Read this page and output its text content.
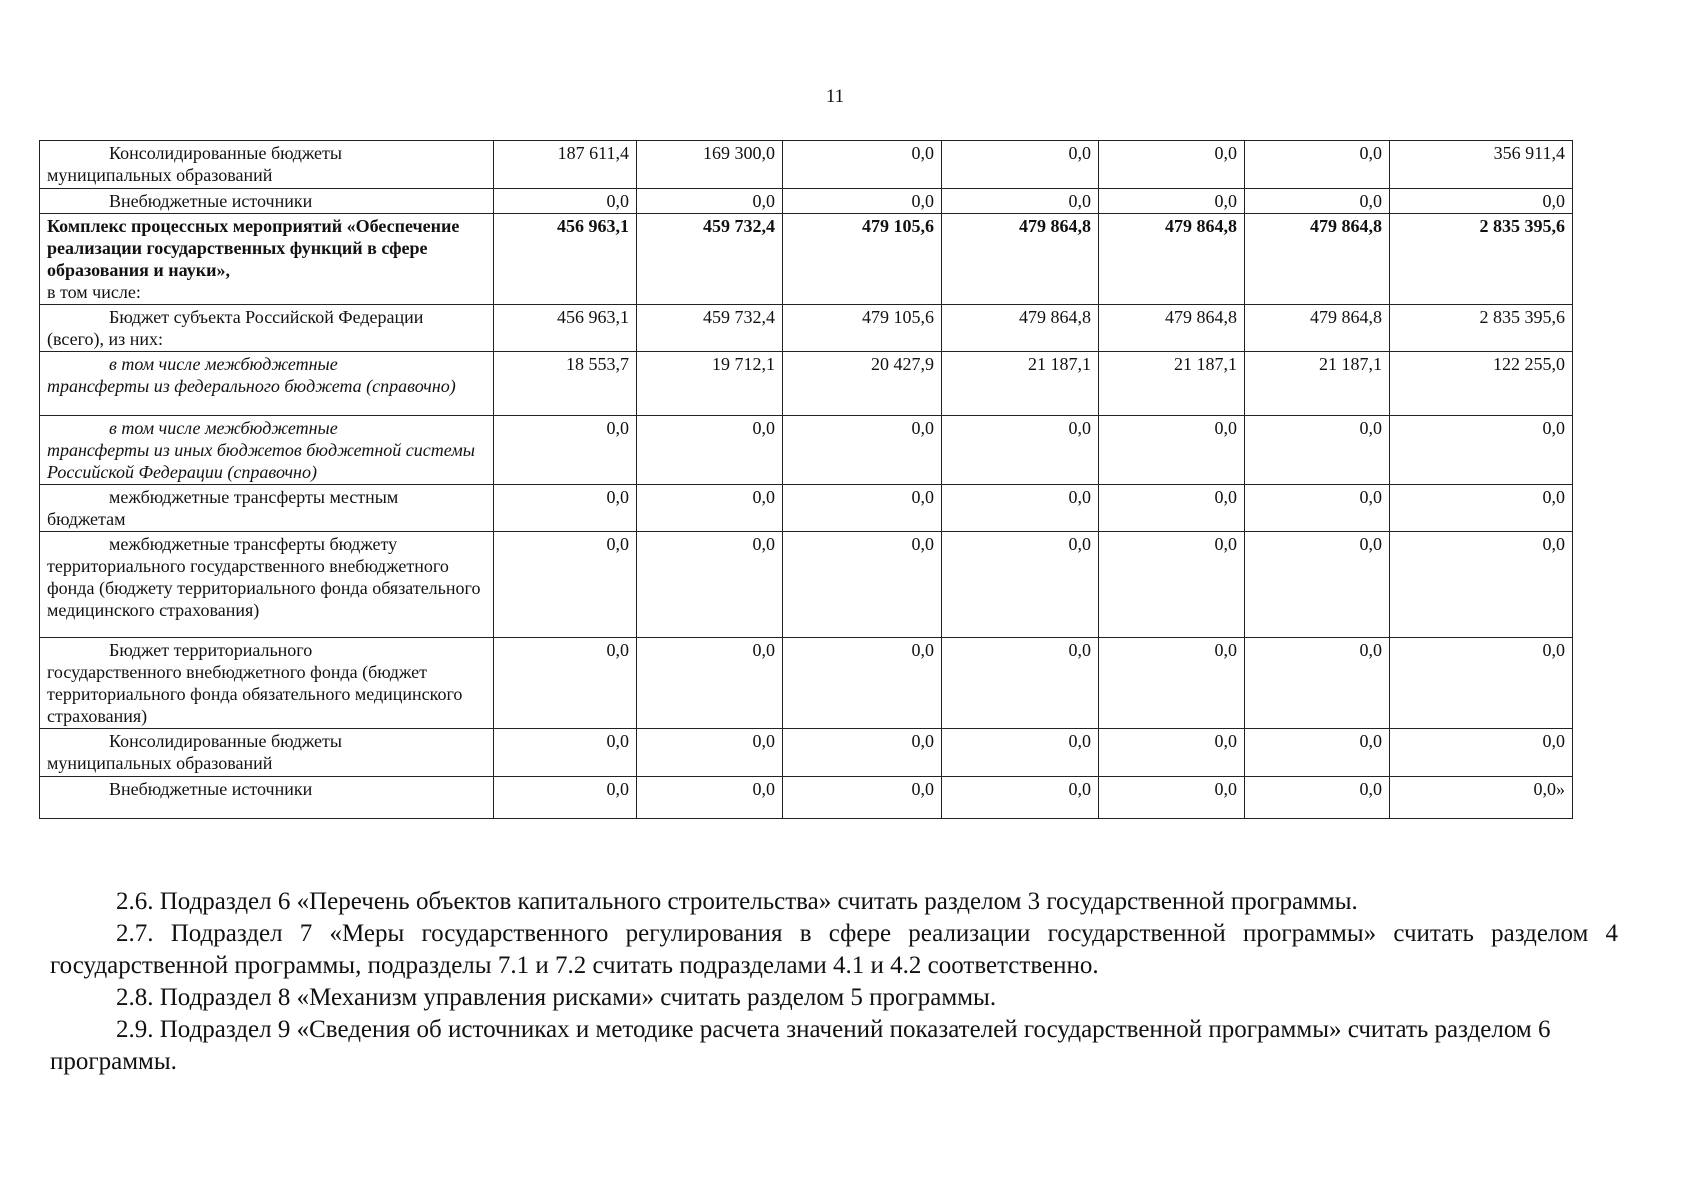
11
Консолидированные бюджеты
муниципальных образований	187 611,4	169 300,0	0,0	0,0	0,0	0,0	356 911,4

Внебюджетные источники	0,0	0,0	0,0	0,0	0,0	0,0	0,0

Комплекс процессных мероприятий «Обеспечение реализации государственных функций в сфере образования и науки»,
в том числе:	456 963,1	459 732,4	479 105,6	479 864,8	479 864,8	479 864,8	2 835 395,6

Бюджет субъекта Российской Федерации
(всего), из них:	456 963,1	459 732,4	479 105,6	479 864,8	479 864,8	479 864,8	2 835 395,6

в том числе межбюджетные
трансферты из федерального бюджета (справочно)	18 553,7	19 712,1	20 427,9	21 187,1	21 187,1	21 187,1	122 255,0

в том числе межбюджетные
трансферты из иных бюджетов бюджетной системы Российской Федерации (справочно)	0,0	0,0	0,0	0,0	0,0	0,0	0,0

межбюджетные трансферты местным
бюджетам	0,0	0,0	0,0	0,0	0,0	0,0	0,0

межбюджетные трансферты бюджету
территориального государственного внебюджетного фонда (бюджету территориального фонда обязательного медицинского страхования)	0,0	0,0	0,0	0,0	0,0	0,0	0,0

Бюджет территориального
государственного внебюджетного фонда (бюджет территориального фонда обязательного медицинского страхования)	0,0	0,0	0,0	0,0	0,0	0,0	0,0

Консолидированные бюджеты
муниципальных образований	0,0	0,0	0,0	0,0	0,0	0,0	0,0

Внебюджетные источники	0,0	0,0	0,0	0,0	0,0	0,0	0,0»

2.6. Подраздел 6 «Перечень объектов капитального строительства» считать разделом 3 государственной программы.

2.7. Подраздел 7 «Меры государственного регулирования в сфере реализации государственной программы» считать разделом 4 государственной программы, подразделы 7.1 и 7.2 считать подразделами 4.1 и 4.2 соответственно.

2.8. Подраздел 8 «Механизм управления рисками» считать разделом 5 программы.

2.9. Подраздел 9 «Сведения об источниках и методике расчета значений показателей государственной программы» считать разделом 6 программы.
